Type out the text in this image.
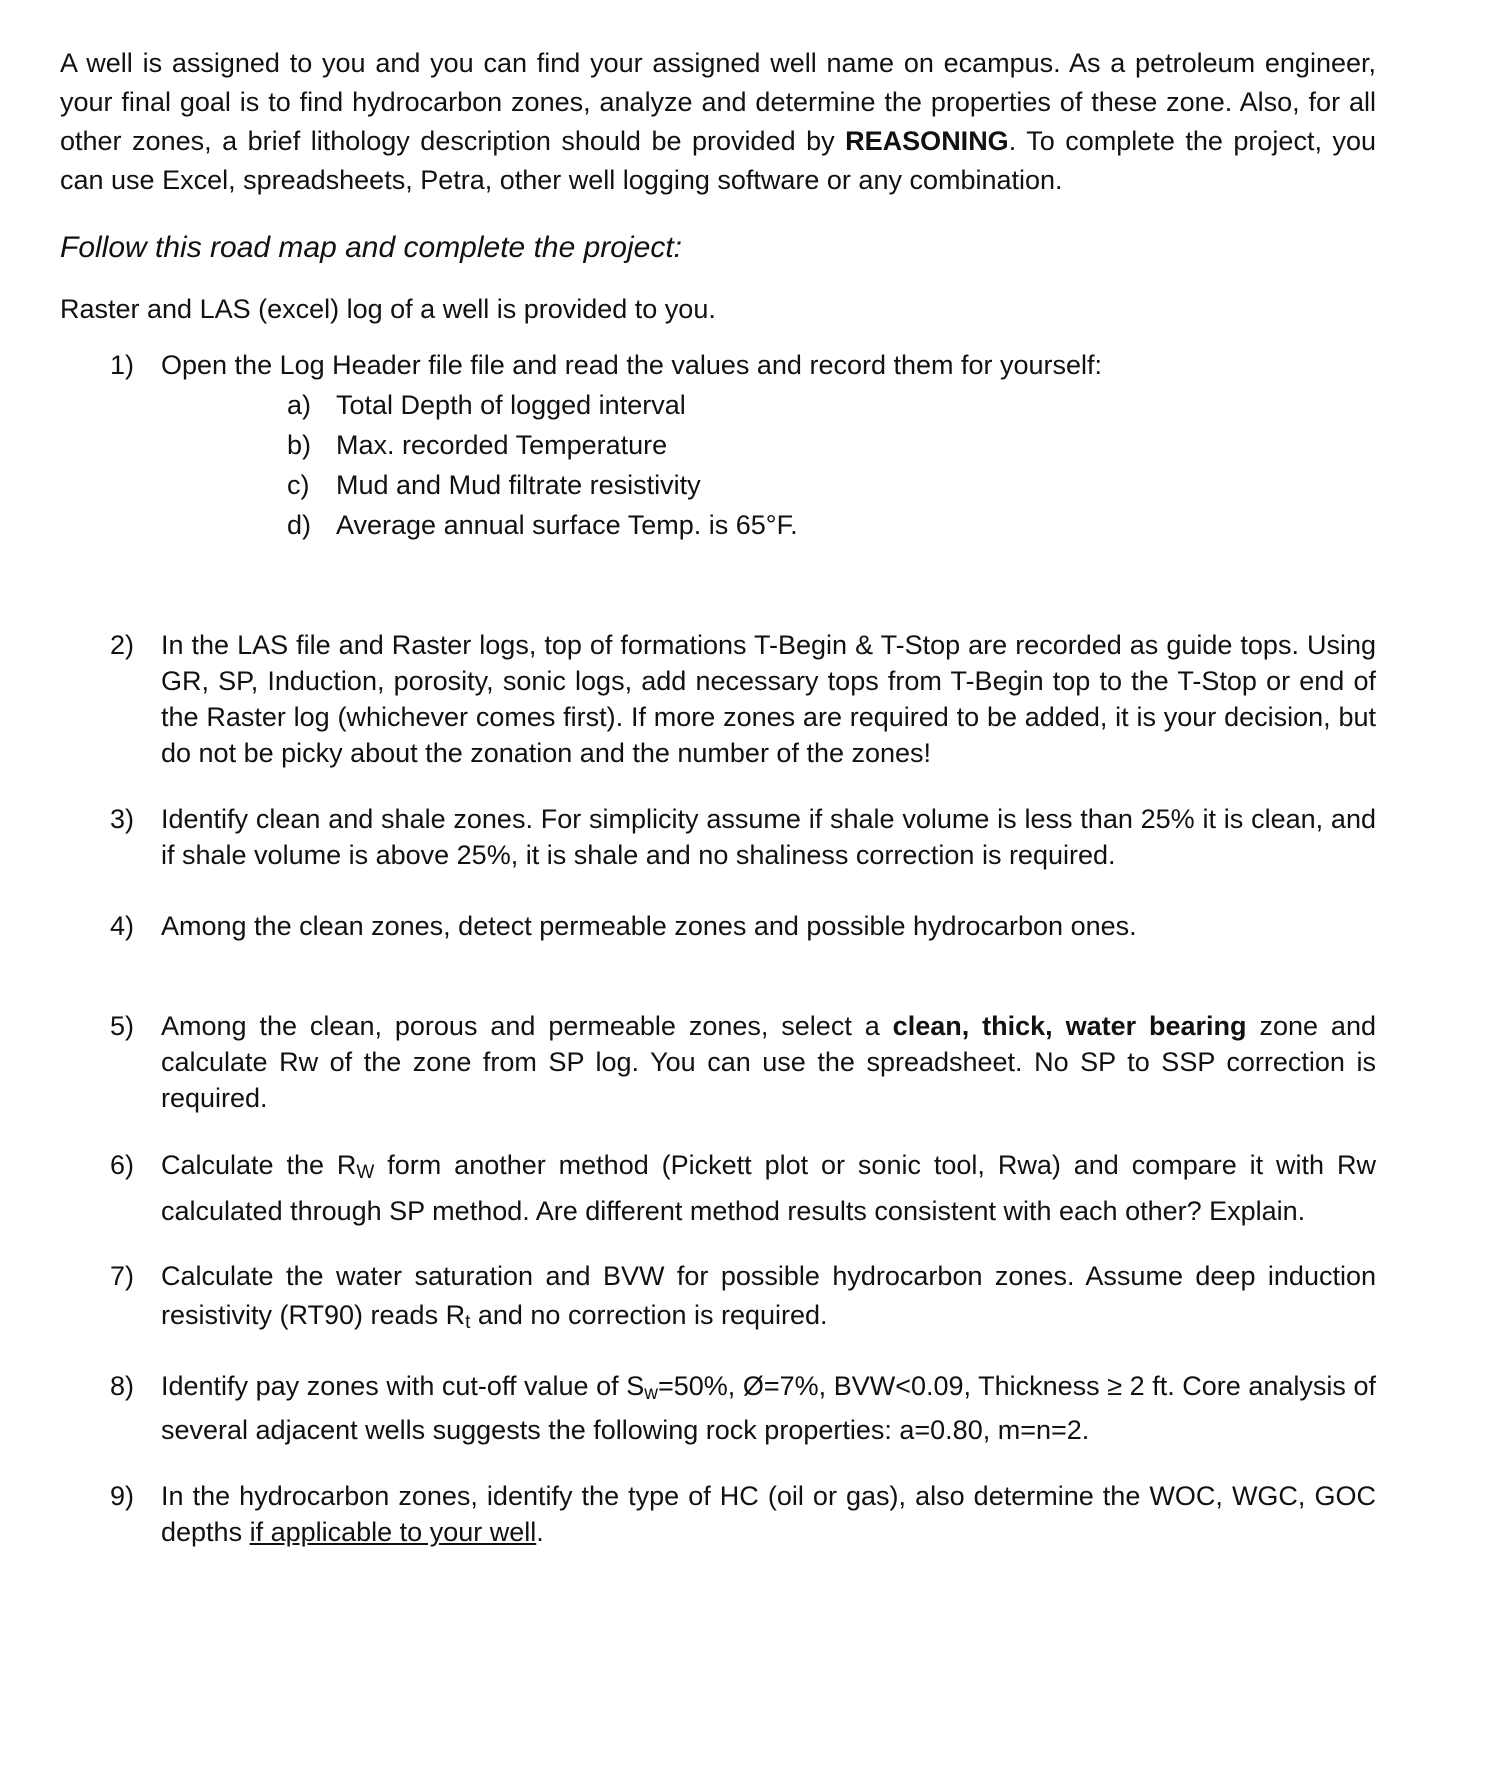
A well is assigned to you and you can find your assigned well name on ecampus. As a petroleum engineer, your final goal is to find hydrocarbon zones, analyze and determine the properties of these zone. Also, for all other zones, a brief lithology description should be provided by REASONING. To complete the project, you can use Excel, spreadsheets, Petra, other well logging software or any combination.

Follow this road map and complete the project:

Raster and LAS (excel) log of a well is provided to you.

1) Open the Log Header file file and read the values and record them for yourself:
a) Total Depth of logged interval
b) Max. recorded Temperature
c) Mud and Mud filtrate resistivity
d) Average annual surface Temp. is 65°F.
2) In the LAS file and Raster logs, top of formations T-Begin & T-Stop are recorded as guide tops. Using GR, SP, Induction, porosity, sonic logs, add necessary tops from T-Begin top to the T-Stop or end of the Raster log (whichever comes first). If more zones are required to be added, it is your decision, but do not be picky about the zonation and the number of the zones!
3) Identify clean and shale zones. For simplicity assume if shale volume is less than 25% it is clean, and if shale volume is above 25%, it is shale and no shaliness correction is required.
4) Among the clean zones, detect permeable zones and possible hydrocarbon ones.
5) Among the clean, porous and permeable zones, select a clean, thick, water bearing zone and calculate Rw of the zone from SP log. You can use the spreadsheet. No SP to SSP correction is required.
6) Calculate the $R_W$ form another method (Pickett plot or sonic tool, Rwa) and compare it with Rw calculated through SP method. Are different method results consistent with each other? Explain.
7) Calculate the water saturation and BVW for possible hydrocarbon zones. Assume deep induction resistivity (RT90) reads $R_t$ and no correction is required.
8) Identify pay zones with cut-off value of $S_w=50\%$, Ø=7%, BVW<0.09, Thickness ≥ 2 ft. Core analysis of several adjacent wells suggests the following rock properties: a=0.80, m=n=2.
9) In the hydrocarbon zones, identify the type of HC (oil or gas), also determine the WOC, WGC, GOC depths if applicable to your well.
